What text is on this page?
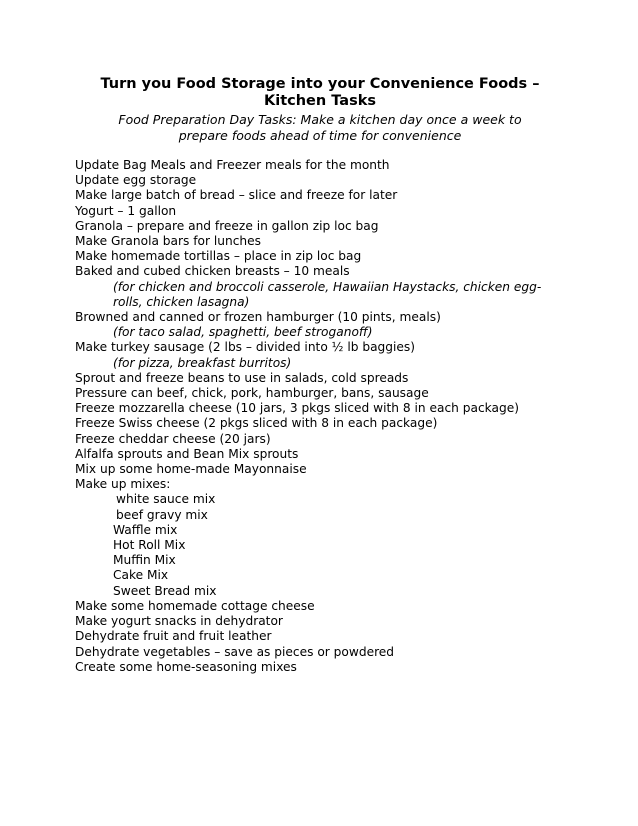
Turn you Food Storage into your Convenience Foods – Kitchen Tasks

Food Preparation Day Tasks: Make a kitchen day once a week to prepare foods ahead of time for convenience

Update Bag Meals and Freezer meals for the month
Update egg storage
Make large batch of bread – slice and freeze for later
Yogurt – 1 gallon
Granola – prepare and freeze in gallon zip loc bag
Make Granola bars for lunches
Make homemade tortillas – place in zip loc bag
Baked and cubed chicken breasts – 10 meals
(for chicken and broccoli casserole, Hawaiian Haystacks, chicken egg-rolls, chicken lasagna)
Browned and canned or frozen hamburger (10 pints, meals)
(for taco salad, spaghetti, beef stroganoff)
Make turkey sausage (2 lbs – divided into ½ lb baggies)
(for pizza, breakfast burritos)
Sprout and freeze beans to use in salads, cold spreads
Pressure can beef, chick, pork, hamburger, bans, sausage
Freeze mozzarella cheese (10 jars, 3 pkgs sliced with 8 in each package)
Freeze Swiss cheese (2 pkgs sliced with 8 in each package)
Freeze cheddar cheese (20 jars)
Alfalfa sprouts and Bean Mix sprouts
Mix up some home-made Mayonnaise
Make up mixes:
white sauce mix
beef gravy mix
Waffle mix
Hot Roll Mix
Muffin Mix
Cake Mix
Sweet Bread mix
Make some homemade cottage cheese
Make yogurt snacks in dehydrator
Dehydrate fruit and fruit leather
Dehydrate vegetables – save as pieces or powdered
Create some home-seasoning mixes
